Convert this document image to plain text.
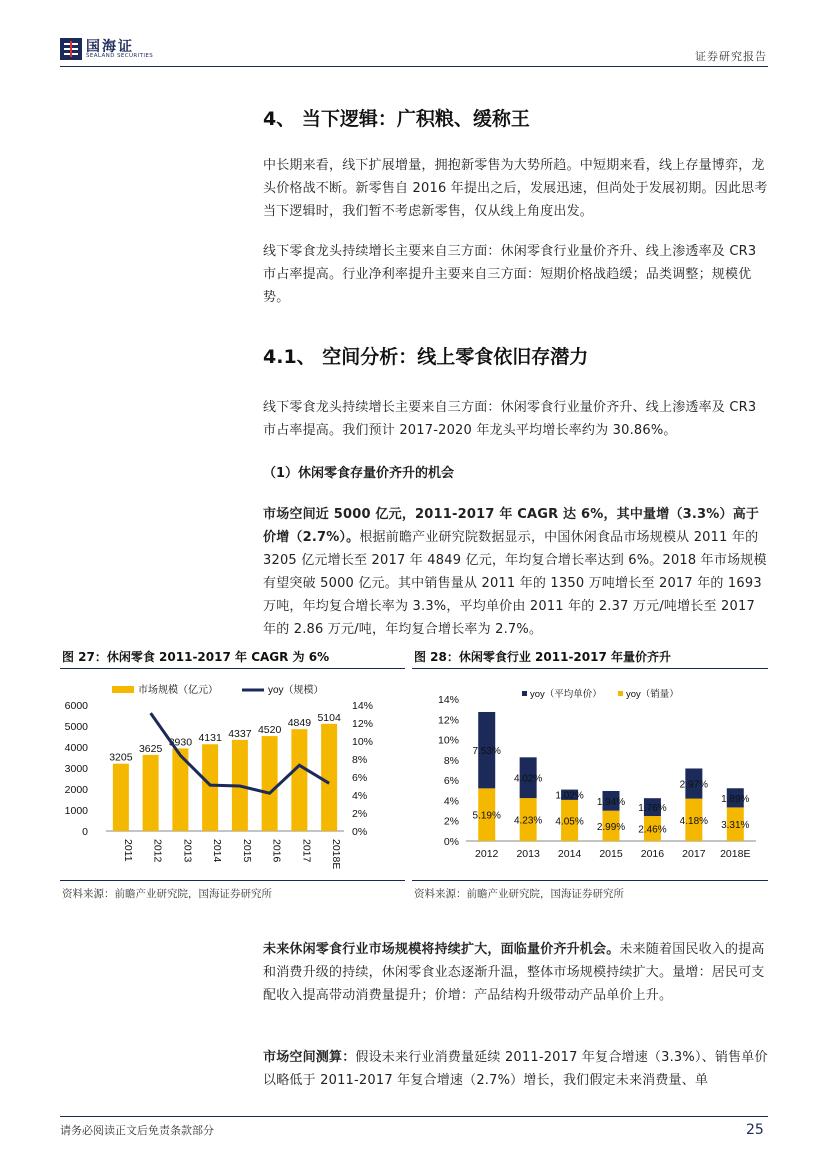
国海证
SEALAND SECURITIES	证券研究报告
4、 当下逻辑：广积粮、缓称王
中长期来看，线下扩展增量，拥抱新零售为大势所趋。中短期来看，线上存量博弈，龙头价格战不断。新零售自 2016 年提出之后，发展迅速，但尚处于发展初期。因此思考当下逻辑时，我们暂不考虑新零售，仅从线上角度出发。
线下零食龙头持续增长主要来自三方面：休闲零食行业量价齐升、线上渗透率及 CR3 市占率提高。行业净利率提升主要来自三方面：短期价格战趋缓；品类调整；规模优势。
4.1、 空间分析：线上零食依旧存潜力
线下零食龙头持续增长主要来自三方面：休闲零食行业量价齐升、线上渗透率及 CR3 市占率提高。我们预计 2017-2020 年龙头平均增长率约为 30.86%。
（1）休闲零食存量价齐升的机会
市场空间近 5000 亿元，2011-2017 年 CAGR 达 6%，其中量增（3.3%）高于价增（2.7%）。根据前瞻产业研究院数据显示，中国休闲食品市场规模从 2011 年的 3205 亿元增长至 2017 年 4849 亿元，年均复合增长率达到 6%。2018 年市场规模有望突破 5000 亿元。其中销售量从 2011 年的 1350 万吨增长至 2017 年的 1693 万吨，年均复合增长率为 3.3%，平均单价由 2011 年的 2.37 万元/吨增长至 2017 年的 2.86 万元/吨，年均复合增长率为 2.7%。
图 27：休闲零食 2011-2017 年 CAGR 为 6%	图 28：休闲零食行业 2011-2017 年量价齐升
市场规模（亿元）	yoy（规模）
0
1000
2000
3000
4000
5000
6000
0%
2%
4%
6%
8%
10%
12%
14%
3205
3625
3930 4131 4337 4520
4849 5104
2011 2012 2013 2014 2015 2016 2017 2018E
yoy（平均单价）	yoy（销量）
0%
2%
4%
6%
8%
10%
12%
14%
5.19%
7.53%
2012
4.23%
4.02%
2013
4.05%
1.02%
2014
2.99%
1.94%
2015
2.46%
1.76%
2016
4.18%
2.97%
2017
3.31%
1.89%
2018E
资料来源：前瞻产业研究院，国海证券研究所	资料来源：前瞻产业研究院，国海证券研究所
未来休闲零食行业市场规模将持续扩大，面临量价齐升机会。未来随着国民收入的提高和消费升级的持续，休闲零食业态逐渐升温，整体市场规模持续扩大。量增：居民可支配收入提高带动消费量提升；价增：产品结构升级带动产品单价上升。
市场空间测算：假设未来行业消费量延续 2011-2017 年复合增速（3.3%）、销售单价以略低于 2011-2017 年复合增速（2.7%）增长，我们假定未来消费量、单
请务必阅读正文后免责条款部分	25
